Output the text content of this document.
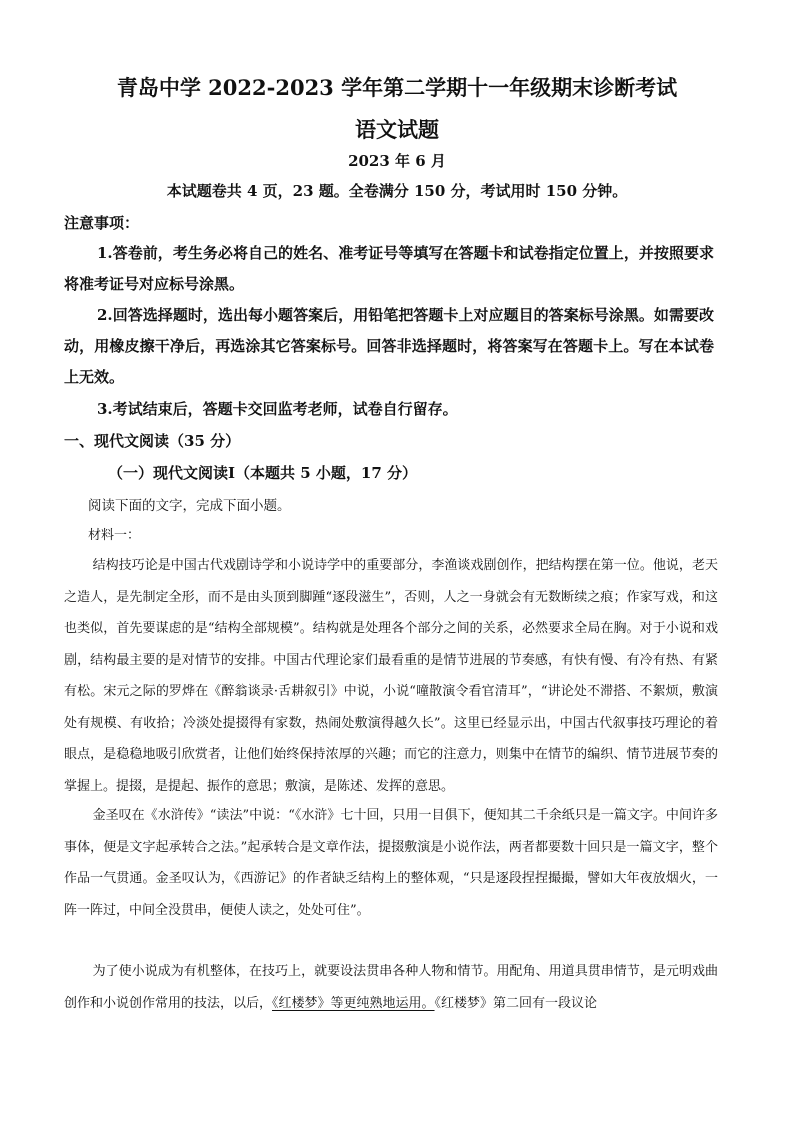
青岛中学 2022-2023 学年第二学期十一年级期末诊断考试
语文试题
2023 年 6 月
本试题卷共 4 页，23 题。全卷满分 150 分，考试用时 150 分钟。
注意事项：
1.答卷前，考生务必将自己的姓名、准考证号等填写在答题卡和试卷指定位置上，并按照要求将准考证号对应标号涂黑。
2.回答选择题时，选出每小题答案后，用铅笔把答题卡上对应题目的答案标号涂黑。如需要改动，用橡皮擦干净后，再选涂其它答案标号。回答非选择题时，将答案写在答题卡上。写在本试卷上无效。
3.考试结束后，答题卡交回监考老师，试卷自行留存。
一、现代文阅读（35 分）
（一）现代文阅读Ⅰ（本题共 5 小题，17 分）
阅读下面的文字，完成下面小题。
材料一：
结构技巧论是中国古代戏剧诗学和小说诗学中的重要部分，李渔谈戏剧创作，把结构摆在第一位。他说，老天之造人，是先制定全形，而不是由头顶到脚踵“逐段滋生”，否则，人之一身就会有无数断续之痕；作家写戏，和这也类似，首先要谋虑的是“结构全部规模”。结构就是处理各个部分之间的关系，必然要求全局在胸。对于小说和戏剧，结构最主要的是对情节的安排。中国古代理论家们最看重的是情节进展的节奏感，有快有慢、有冷有热、有紧有松。宋元之际的罗烨在《醉翁谈录·舌耕叙引》中说，小说“噇散演令看官清耳”，“讲论处不滞搭、不絮烦，敷演处有规模、有收拾；冷淡处提掇得有家数，热闹处敷演得越久长”。这里已经显示出，中国古代叙事技巧理论的着眼点，是稳稳地吸引欣赏者，让他们始终保持浓厚的兴趣；而它的注意力，则集中在情节的编织、情节进展节奏的掌握上。提掇，是提起、振作的意思；敷演，是陈述、发挥的意思。
金圣叹在《水浒传》“读法”中说：“《水浒》七十回，只用一目俱下，便知其二千余纸只是一篇文字。中间许多事体，便是文字起承转合之法。”起承转合是文章作法，提掇敷演是小说作法，两者都要数十回只是一篇文字，整个作品一气贯通。金圣叹认为，《西游记》的作者缺乏结构上的整体观，“只是逐段捏捏撮撮，譬如大年夜放烟火，一阵一阵过，中间全没贯串，便使人读之，处处可住”。
为了使小说成为有机整体，在技巧上，就要设法贯串各种人物和情节。用配角、用道具贯串情节，是元明戏曲创作和小说创作常用的技法，以后，《红楼梦》等更纯熟地运用。《红楼梦》第二回有一段议论
